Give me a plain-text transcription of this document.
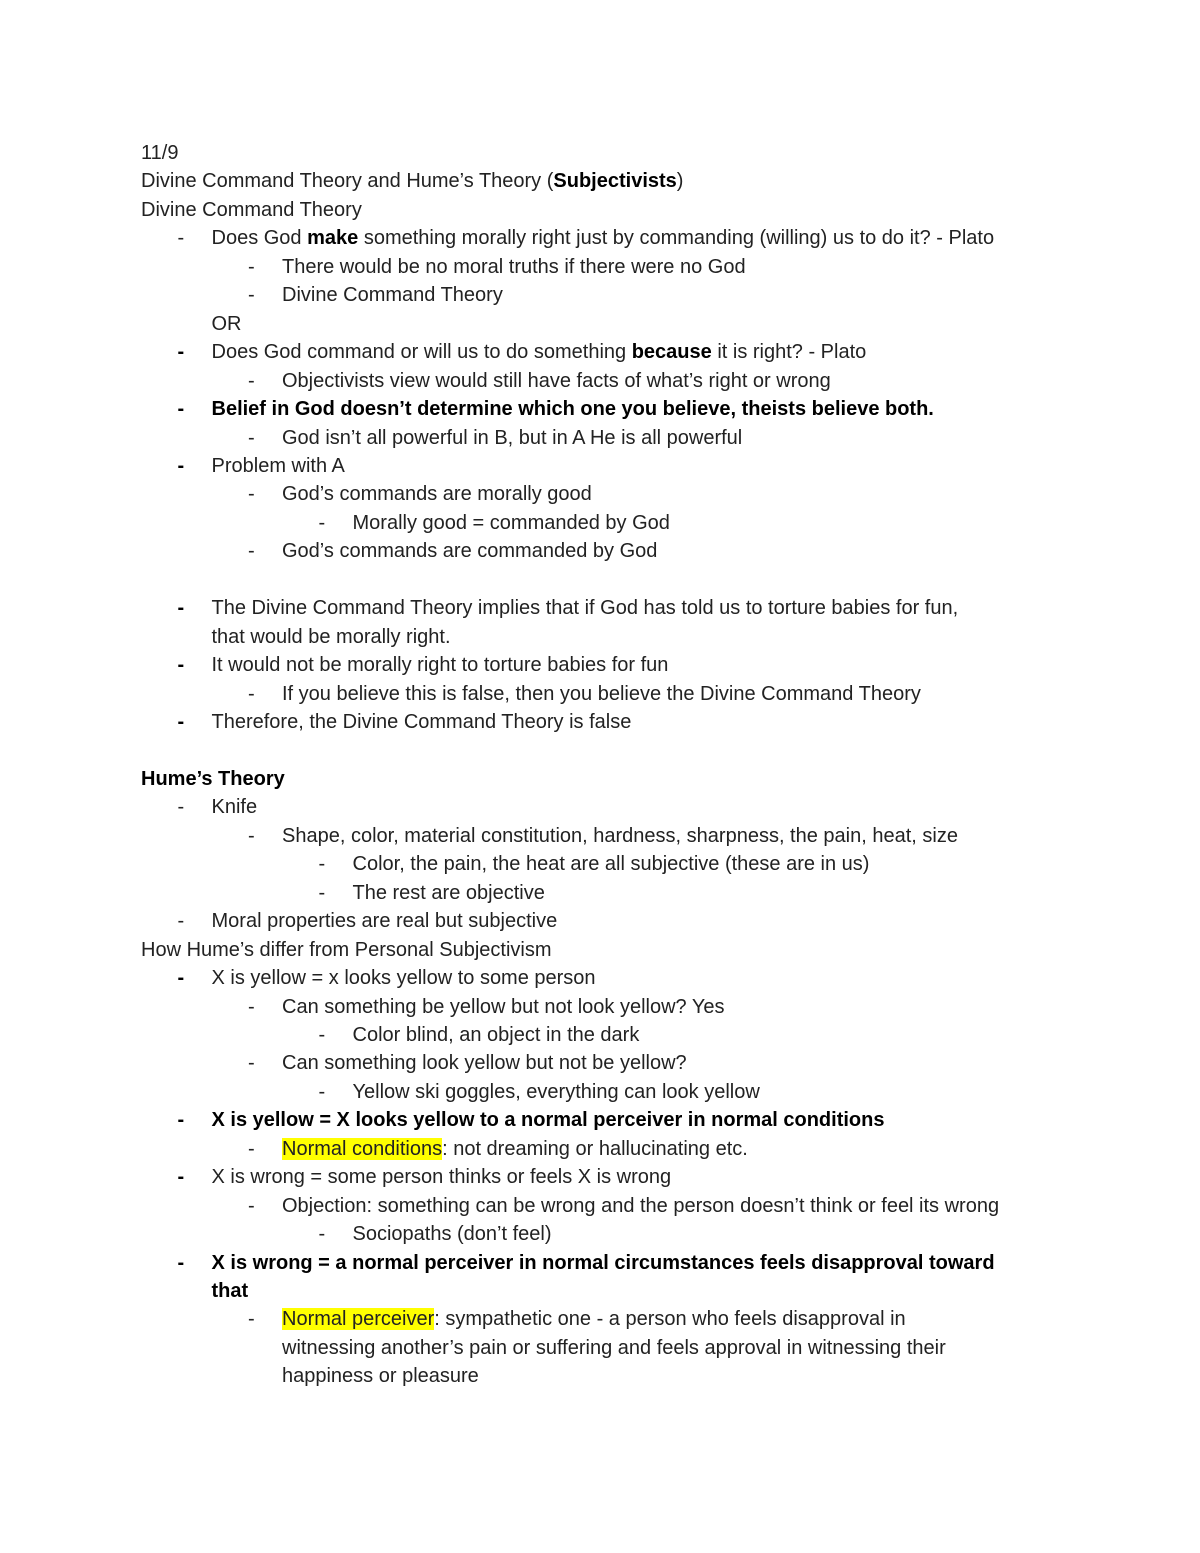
11/9
Divine Command Theory and Hume’s Theory (Subjectivists)
Divine Command Theory
- Does God make something morally right just by commanding (willing) us to do it? - Plato
- There would be no moral truths if there were no God
- Divine Command Theory
OR
- Does God command or will us to do something because it is right? - Plato
- Objectivists view would still have facts of what’s right or wrong
- Belief in God doesn’t determine which one you believe, theists believe both.
- God isn’t all powerful in B, but in A He is all powerful
- Problem with A
- God’s commands are morally good
- Morally good = commanded by God
- God’s commands are commanded by God
- The Divine Command Theory implies that if God has told us to torture babies for fun,
that would be morally right.
- It would not be morally right to torture babies for fun
- If you believe this is false, then you believe the Divine Command Theory
- Therefore, the Divine Command Theory is false
Hume’s Theory
- Knife
- Shape, color, material constitution, hardness, sharpness, the pain, heat, size
- Color, the pain, the heat are all subjective (these are in us)
- The rest are objective
- Moral properties are real but subjective
How Hume’s differ from Personal Subjectivism
- X is yellow = x looks yellow to some person
- Can something be yellow but not look yellow? Yes
- Color blind, an object in the dark
- Can something look yellow but not be yellow?
- Yellow ski goggles, everything can look yellow
- X is yellow = X looks yellow to a normal perceiver in normal conditions
- Normal conditions: not dreaming or hallucinating etc.
- X is wrong = some person thinks or feels X is wrong
- Objection: something can be wrong and the person doesn’t think or feel its wrong
- Sociopaths (don’t feel)
- X is wrong = a normal perceiver in normal circumstances feels disapproval toward
that
- Normal perceiver: sympathetic one - a person who feels disapproval in
witnessing another’s pain or suffering and feels approval in witnessing their
happiness or pleasure
